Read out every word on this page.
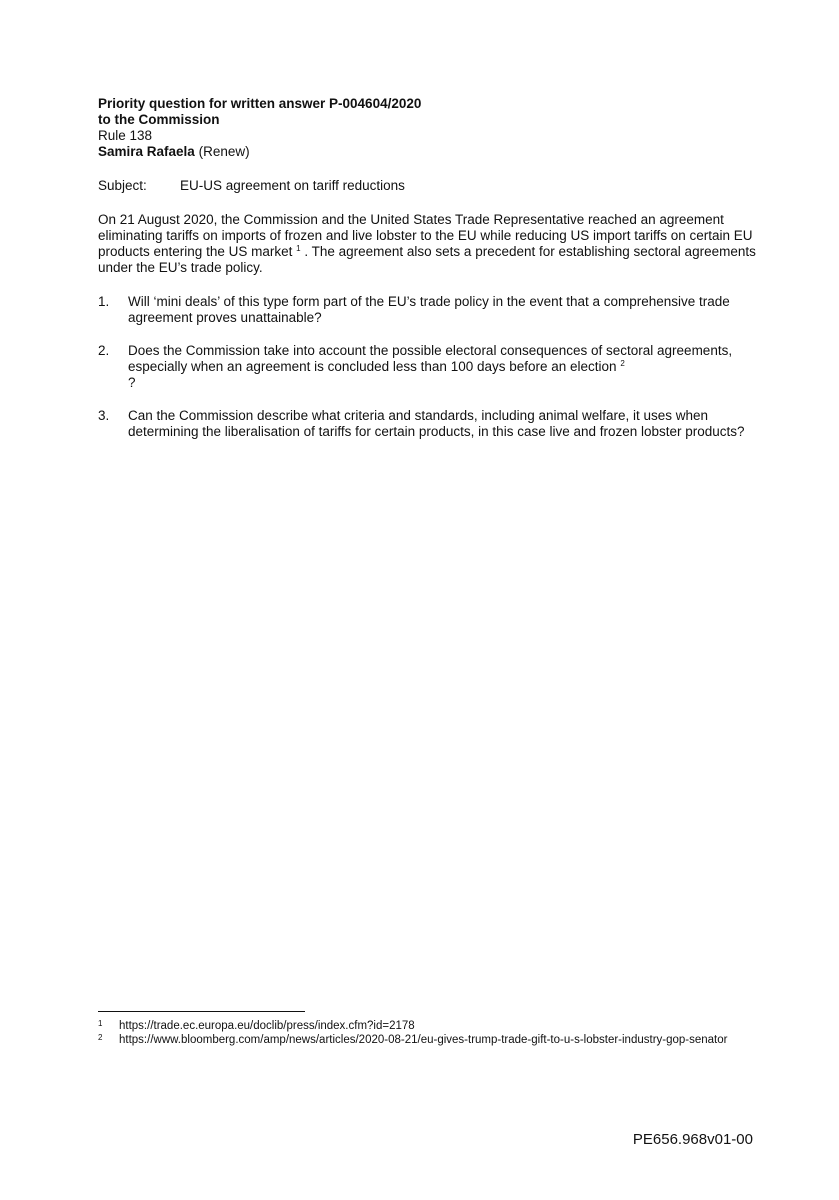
Priority question for written answer P-004604/2020
to the Commission
Rule 138
Samira Rafaela (Renew)
Subject: EU-US agreement on tariff reductions
On 21 August 2020, the Commission and the United States Trade Representative reached an agreement eliminating tariffs on imports of frozen and live lobster to the EU while reducing US import tariffs on certain EU products entering the US market $^1$ . The agreement also sets a precedent for establishing sectoral agreements under the EU’s trade policy.
1. Will ‘mini deals’ of this type form part of the EU’s trade policy in the event that a comprehensive trade agreement proves unattainable?
2. Does the Commission take into account the possible electoral consequences of sectoral agreements, especially when an agreement is concluded less than 100 days before an election $^2$
?
3. Can the Commission describe what criteria and standards, including animal welfare, it uses when determining the liberalisation of tariffs for certain products, in this case live and frozen lobster products?
1 https://trade.ec.europa.eu/doclib/press/index.cfm?id=2178
2 https://www.bloomberg.com/amp/news/articles/2020-08-21/eu-gives-trump-trade-gift-to-u-s-lobster-industry-gop-senator
PE656.968v01-00
